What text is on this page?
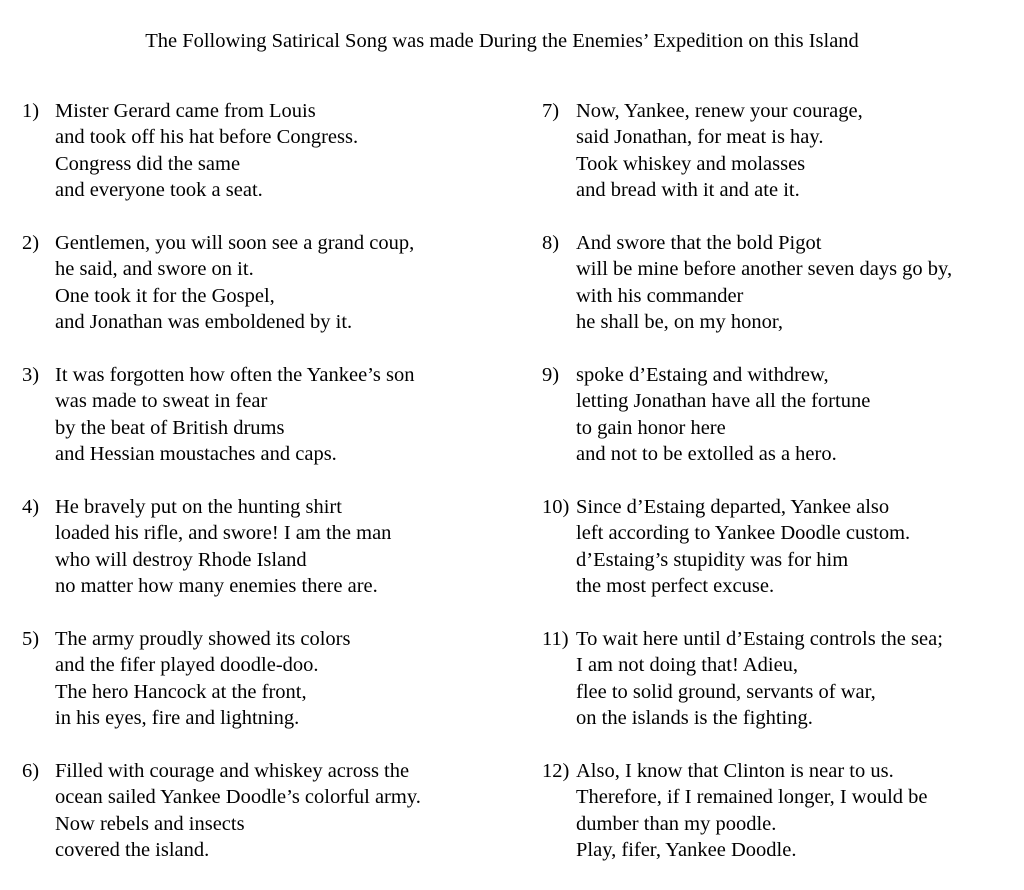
The Following Satirical Song was made During the Enemies’ Expedition on this Island
1) Mister Gerard came from Louis
and took off his hat before Congress.
Congress did the same
and everyone took a seat.
2) Gentlemen, you will soon see a grand coup,
he said, and swore on it.
One took it for the Gospel,
and Jonathan was emboldened by it.
3) It was forgotten how often the Yankee’s son
was made to sweat in fear
by the beat of British drums
and Hessian moustaches and caps.
4) He bravely put on the hunting shirt
loaded his rifle, and swore! I am the man
who will destroy Rhode Island
no matter how many enemies there are.
5) The army proudly showed its colors
and the fifer played doodle-doo.
The hero Hancock at the front,
in his eyes, fire and lightning.
6) Filled with courage and whiskey across the
ocean sailed Yankee Doodle’s colorful army.
Now rebels and insects
covered the island.
7) Now, Yankee, renew your courage,
said Jonathan, for meat is hay.
Took whiskey and molasses
and bread with it and ate it.
8) And swore that the bold Pigot
will be mine before another seven days go by,
with his commander
he shall be, on my honor,
9) spoke d’Estaing and withdrew,
letting Jonathan have all the fortune
to gain honor here
and not to be extolled as a hero.
10) Since d’Estaing departed, Yankee also
left according to Yankee Doodle custom.
d’Estaing’s stupidity was for him
the most perfect excuse.
11) To wait here until d’Estaing controls the sea;
I am not doing that! Adieu,
flee to solid ground, servants of war,
on the islands is the fighting.
12) Also, I know that Clinton is near to us.
Therefore, if I remained longer, I would be
dumber than my poodle.
Play, fifer, Yankee Doodle.
